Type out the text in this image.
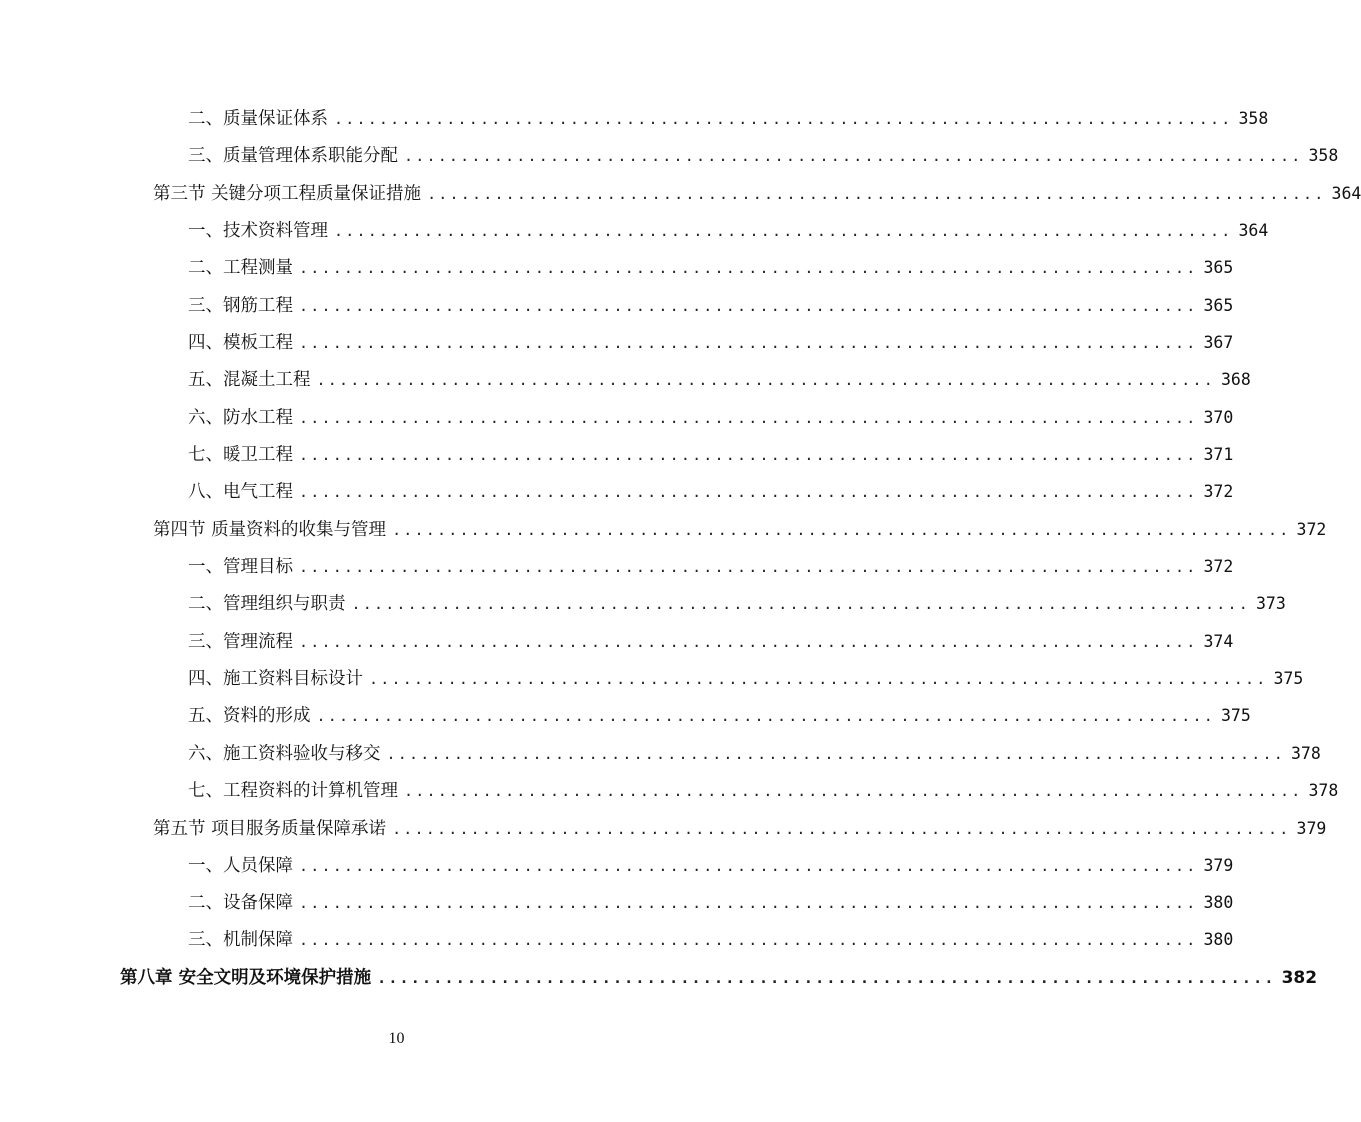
二、质量保证体系 ................................................................................ 358
三、质量管理体系职能分配 ................................................................................ 358
第三节 关键分项工程质量保证措施 ................................................................................ 364
一、技术资料管理 ................................................................................ 364
二、工程测量 ................................................................................ 365
三、钢筋工程 ................................................................................ 365
四、模板工程 ................................................................................ 367
五、混凝土工程 ................................................................................ 368
六、防水工程 ................................................................................ 370
七、暖卫工程 ................................................................................ 371
八、电气工程 ................................................................................ 372
第四节 质量资料的收集与管理 ................................................................................ 372
一、管理目标 ................................................................................ 372
二、管理组织与职责 ................................................................................ 373
三、管理流程 ................................................................................ 374
四、施工资料目标设计 ................................................................................ 375
五、资料的形成 ................................................................................ 375
六、施工资料验收与移交 ................................................................................ 378
七、工程资料的计算机管理 ................................................................................ 378
第五节 项目服务质量保障承诺 ................................................................................ 379
一、人员保障 ................................................................................ 379
二、设备保障 ................................................................................ 380
三、机制保障 ................................................................................ 380
第八章 安全文明及环境保护措施 ................................................................................ 382
10
